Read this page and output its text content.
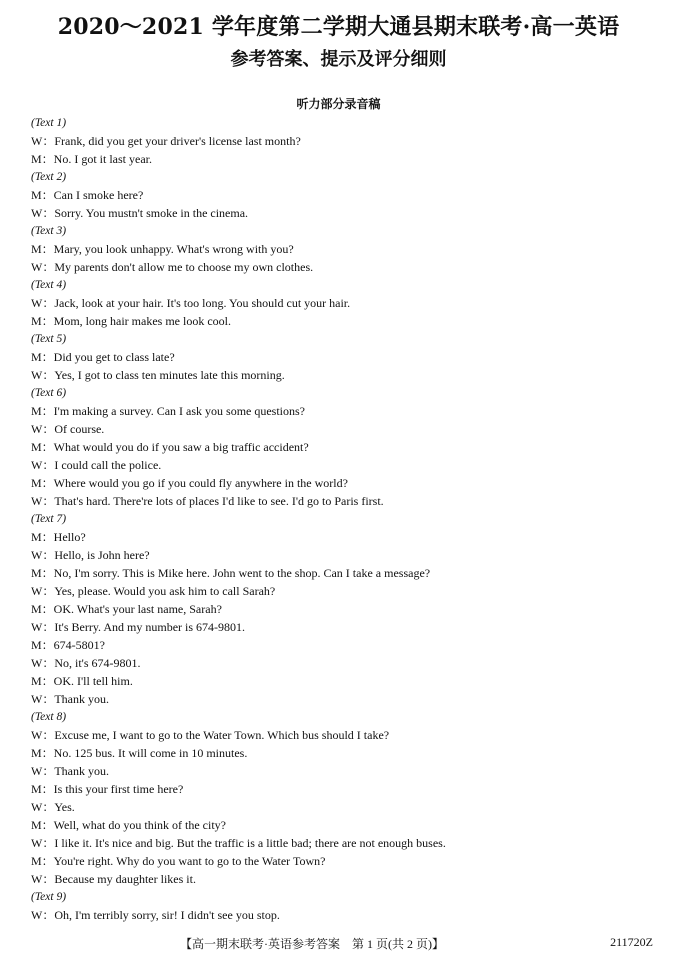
2020～2021 学年度第二学期大通县期末联考·高一英语
参考答案、提示及评分细则
听力部分录音稿
(Text 1)
W：Frank, did you get your driver's license last month?
M：No. I got it last year.
(Text 2)
M：Can I smoke here?
W：Sorry. You mustn't smoke in the cinema.
(Text 3)
M：Mary, you look unhappy. What's wrong with you?
W：My parents don't allow me to choose my own clothes.
(Text 4)
W：Jack, look at your hair. It's too long. You should cut your hair.
M：Mom, long hair makes me look cool.
(Text 5)
M：Did you get to class late?
W：Yes, I got to class ten minutes late this morning.
(Text 6)
M：I'm making a survey. Can I ask you some questions?
W：Of course.
M：What would you do if you saw a big traffic accident?
W：I could call the police.
M：Where would you go if you could fly anywhere in the world?
W：That's hard. There're lots of places I'd like to see. I'd go to Paris first.
(Text 7)
M：Hello?
W：Hello, is John here?
M：No, I'm sorry. This is Mike here. John went to the shop. Can I take a message?
W：Yes, please. Would you ask him to call Sarah?
M：OK. What's your last name, Sarah?
W：It's Berry. And my number is 674-9801.
M：674-5801?
W：No, it's 674-9801.
M：OK. I'll tell him.
W：Thank you.
(Text 8)
W：Excuse me, I want to go to the Water Town. Which bus should I take?
M：No. 125 bus. It will come in 10 minutes.
W：Thank you.
M：Is this your first time here?
W：Yes.
M：Well, what do you think of the city?
W：I like it. It's nice and big. But the traffic is a little bad; there are not enough buses.
M：You're right. Why do you want to go to the Water Town?
W：Because my daughter likes it.
(Text 9)
W：Oh, I'm terribly sorry, sir! I didn't see you stop.
【高一期末联考·英语参考答案　第 1 页(共 2 页)】	211720Z
